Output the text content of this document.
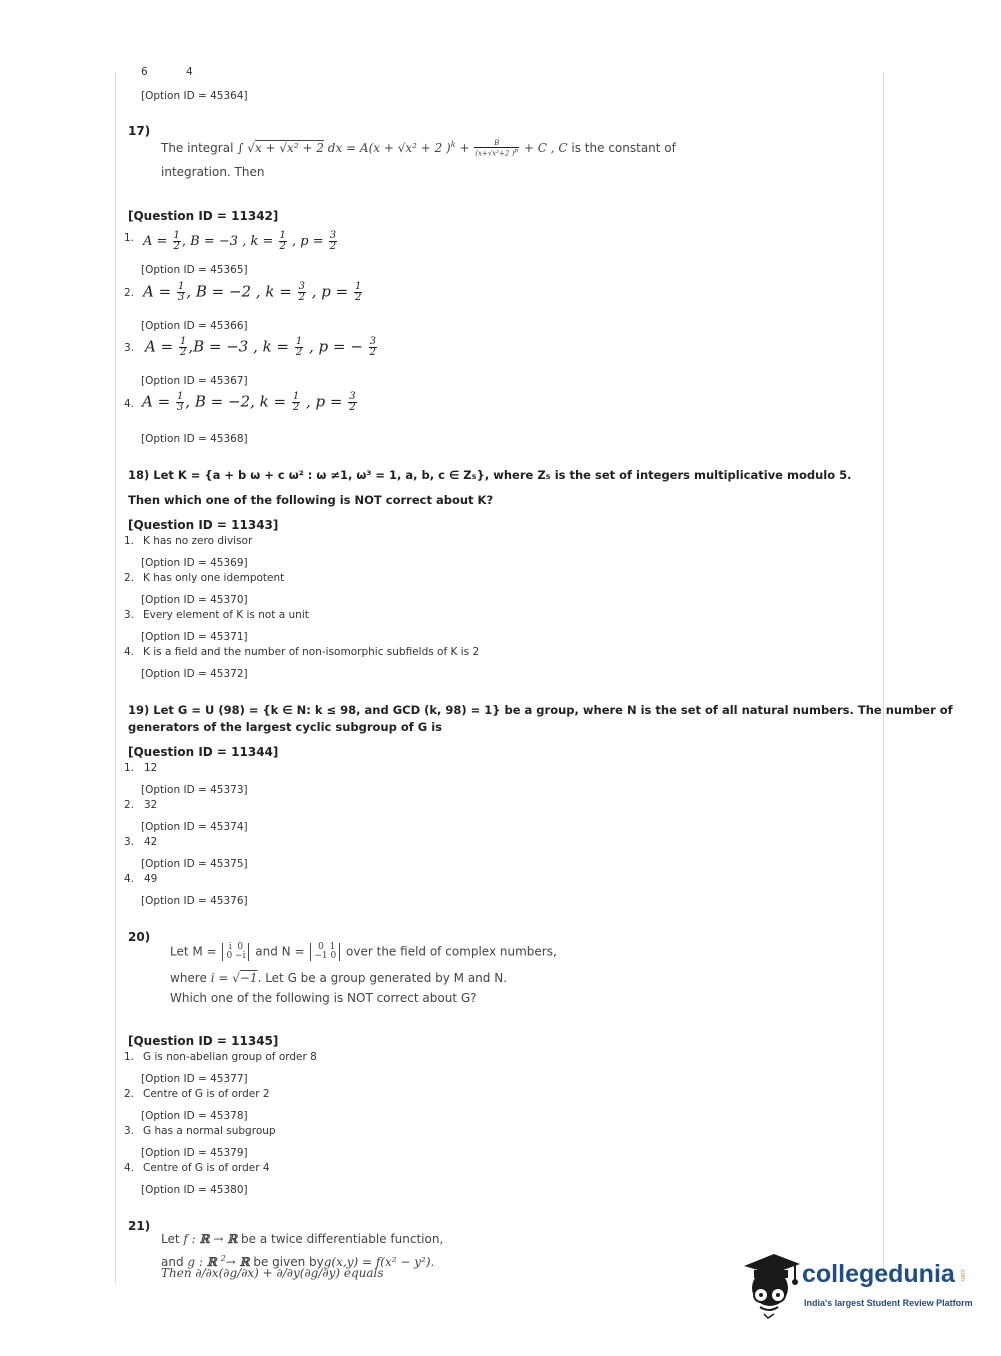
6	4
[Option ID = 45364]
17)
The integral ∫ √x + √x² + 2 dx = A(x + √x² + 2 )$^k + \frac{B}{(x+√x^2+2 )^p} + C$ , C is the constant of
integration. Then
[Question ID = 11342]
1. $A = \frac{1}{2}$ , B = −3 , $k = \frac{1}{2}$ , $p = \frac{3}{2}$
[Option ID = 45365]
2. $A = \frac{1}{3}$ , B = −2 , $k = \frac{3}{2}$ , $p = \frac{1}{2}$
[Option ID = 45366]
3. $A = \frac{1}{2} ,B = -3$ , $k = \frac{1}{2}$ , p = − $\frac{3}{2}$
[Option ID = 45367]
4. $A = \frac{1}{3}$ , B = −2, $k = \frac{1}{2}$ , $p = \frac{3}{2}$
[Option ID = 45368]
18) Let K = {a + b ω + c ω² : ω ≠1, ω³ = 1, a, b, c ∈ Z₅}, where Z₅ is the set of integers multiplicative modulo 5.
Then which one of the following is NOT correct about K?
[Question ID = 11343]
1. K has no zero divisor
[Option ID = 45369]
2. K has only one idempotent
[Option ID = 45370]
3. Every element of K is not a unit
[Option ID = 45371]
4. K is a field and the number of non-isomorphic subfields of K is 2
[Option ID = 45372]
19) Let G = U (98) = {k ∈ N: k ≤ 98, and GCD (k, 98) = 1} be a group, where N is the set of all natural numbers. The number of
generators of the largest cyclic subgroup of G is
[Question ID = 11344]
1. 12
[Option ID = 45373]
2. 32
[Option ID = 45374]
3. 42
[Option ID = 45375]
4. 49
[Option ID = 45376]
20)
Let M = i  0
0 −i and N =  0  1
−1 0 over the field of complex numbers,
where i = √−1. Let G be a group generated by M and N.
Which one of the following is NOT correct about G?
[Question ID = 11345]
1. G is non-abelian group of order 8
[Option ID = 45377]
2. Centre of G is of order 2
[Option ID = 45378]
3. G has a normal subgroup
[Option ID = 45379]
4. Centre of G is of order 4
[Option ID = 45380]
21)
Let f : ℝ → ℝ be a twice differentiable function,
and g : ℝ $^2$→ ℝ be given byg(x,y) = f(x² − y²).
Then ∂/∂x(∂g/∂x) + ∂/∂y(∂g/∂y) equals	collegedunia .com
India's largest Student Review Platform
